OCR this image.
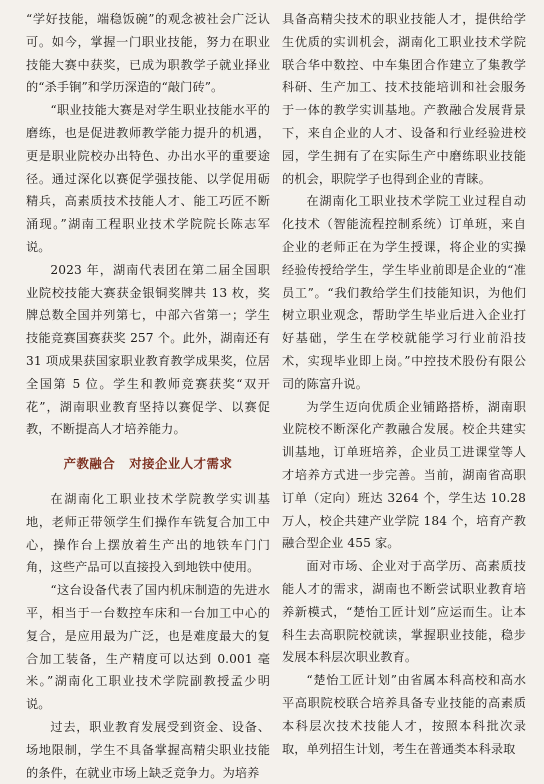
“学好技能，端稳饭碗”的观念被社会广泛认可。如今，掌握一门职业技能，努力在职业技能大赛中获奖，已成为职教学子就业择业的“杀手锏”和学历深造的“敲门砖”。

“职业技能大赛是对学生职业技能水平的磨练，也是促进教师教学能力提升的机遇，更是职业院校办出特色、办出水平的重要途径。通过深化以赛促学强技能、以学促用砺精兵，高素质技术技能人才、能工巧匠不断涌现。”湖南工程职业技术学院院长陈志军说。

2023 年，湖南代表团在第二届全国职业院校技能大赛获金银铜奖牌共 13 枚，奖牌总数全国并列第七，中部六省第一；学生技能竞赛国赛获奖 257 个。此外，湖南还有 31 项成果获国家职业教育教学成果奖，位居全国第 5 位。学生和教师竞赛获奖“双开花”，湖南职业教育坚持以赛促学、以赛促教，不断提高人才培养能力。

产教融合 对接企业人才需求

在湖南化工职业技术学院教学实训基地，老师正带领学生们操作车铣复合加工中心，操作台上摆放着生产出的地铁车门门角，这些产品可以直接投入到地铁中使用。

“这台设备代表了国内机床制造的先进水平，相当于一台数控车床和一台加工中心的复合，是应用最为广泛，也是难度最大的复合加工装备，生产精度可以达到 0.001 毫米。”湖南化工职业技术学院副教授孟少明说。

过去，职业教育发展受到资金、设备、场地限制，学生不具备掌握高精尖职业技能的条件，在就业市场上缺乏竞争力。为培养

具备高精尖技术的职业技能人才，提供给学生优质的实训机会，湖南化工职业技术学院联合华中数控、中车集团合作建立了集教学科研、生产加工、技术技能培训和社会服务于一体的教学实训基地。产教融合发展背景下，来自企业的人才、设备和行业经验进校园，学生拥有了在实际生产中磨练职业技能的机会，职院学子也得到企业的青睐。

在湖南化工职业技术学院工业过程自动化技术（智能流程控制系统）订单班，来自企业的老师正在为学生授课，将企业的实操经验传授给学生，学生毕业前即是企业的“准员工”。“我们教给学生们技能知识，为他们树立职业观念，帮助学生毕业后进入企业打好基础，学生在学校就能学习行业前沿技术，实现毕业即上岗。”中控技术股份有限公司的陈富升说。

为学生迈向优质企业铺路搭桥，湖南职业院校不断深化产教融合发展。校企共建实训基地，订单班培养，企业员工进课堂等人才培养方式进一步完善。当前，湖南省高职订单（定向）班达 3264 个，学生达 10.28 万人，校企共建产业学院 184 个，培育产教融合型企业 455 家。

面对市场、企业对于高学历、高素质技能人才的需求，湖南也不断尝试职业教育培养新模式，“楚怡工匠计划”应运而生。让本科生去高职院校就读，掌握职业技能，稳步发展本科层次职业教育。

“楚怡工匠计划”由省属本科高校和高水平高职院校联合培养具备专业技能的高素质本科层次技术技能人才，按照本科批次录取，单列招生计划，考生在普通类本科录取
